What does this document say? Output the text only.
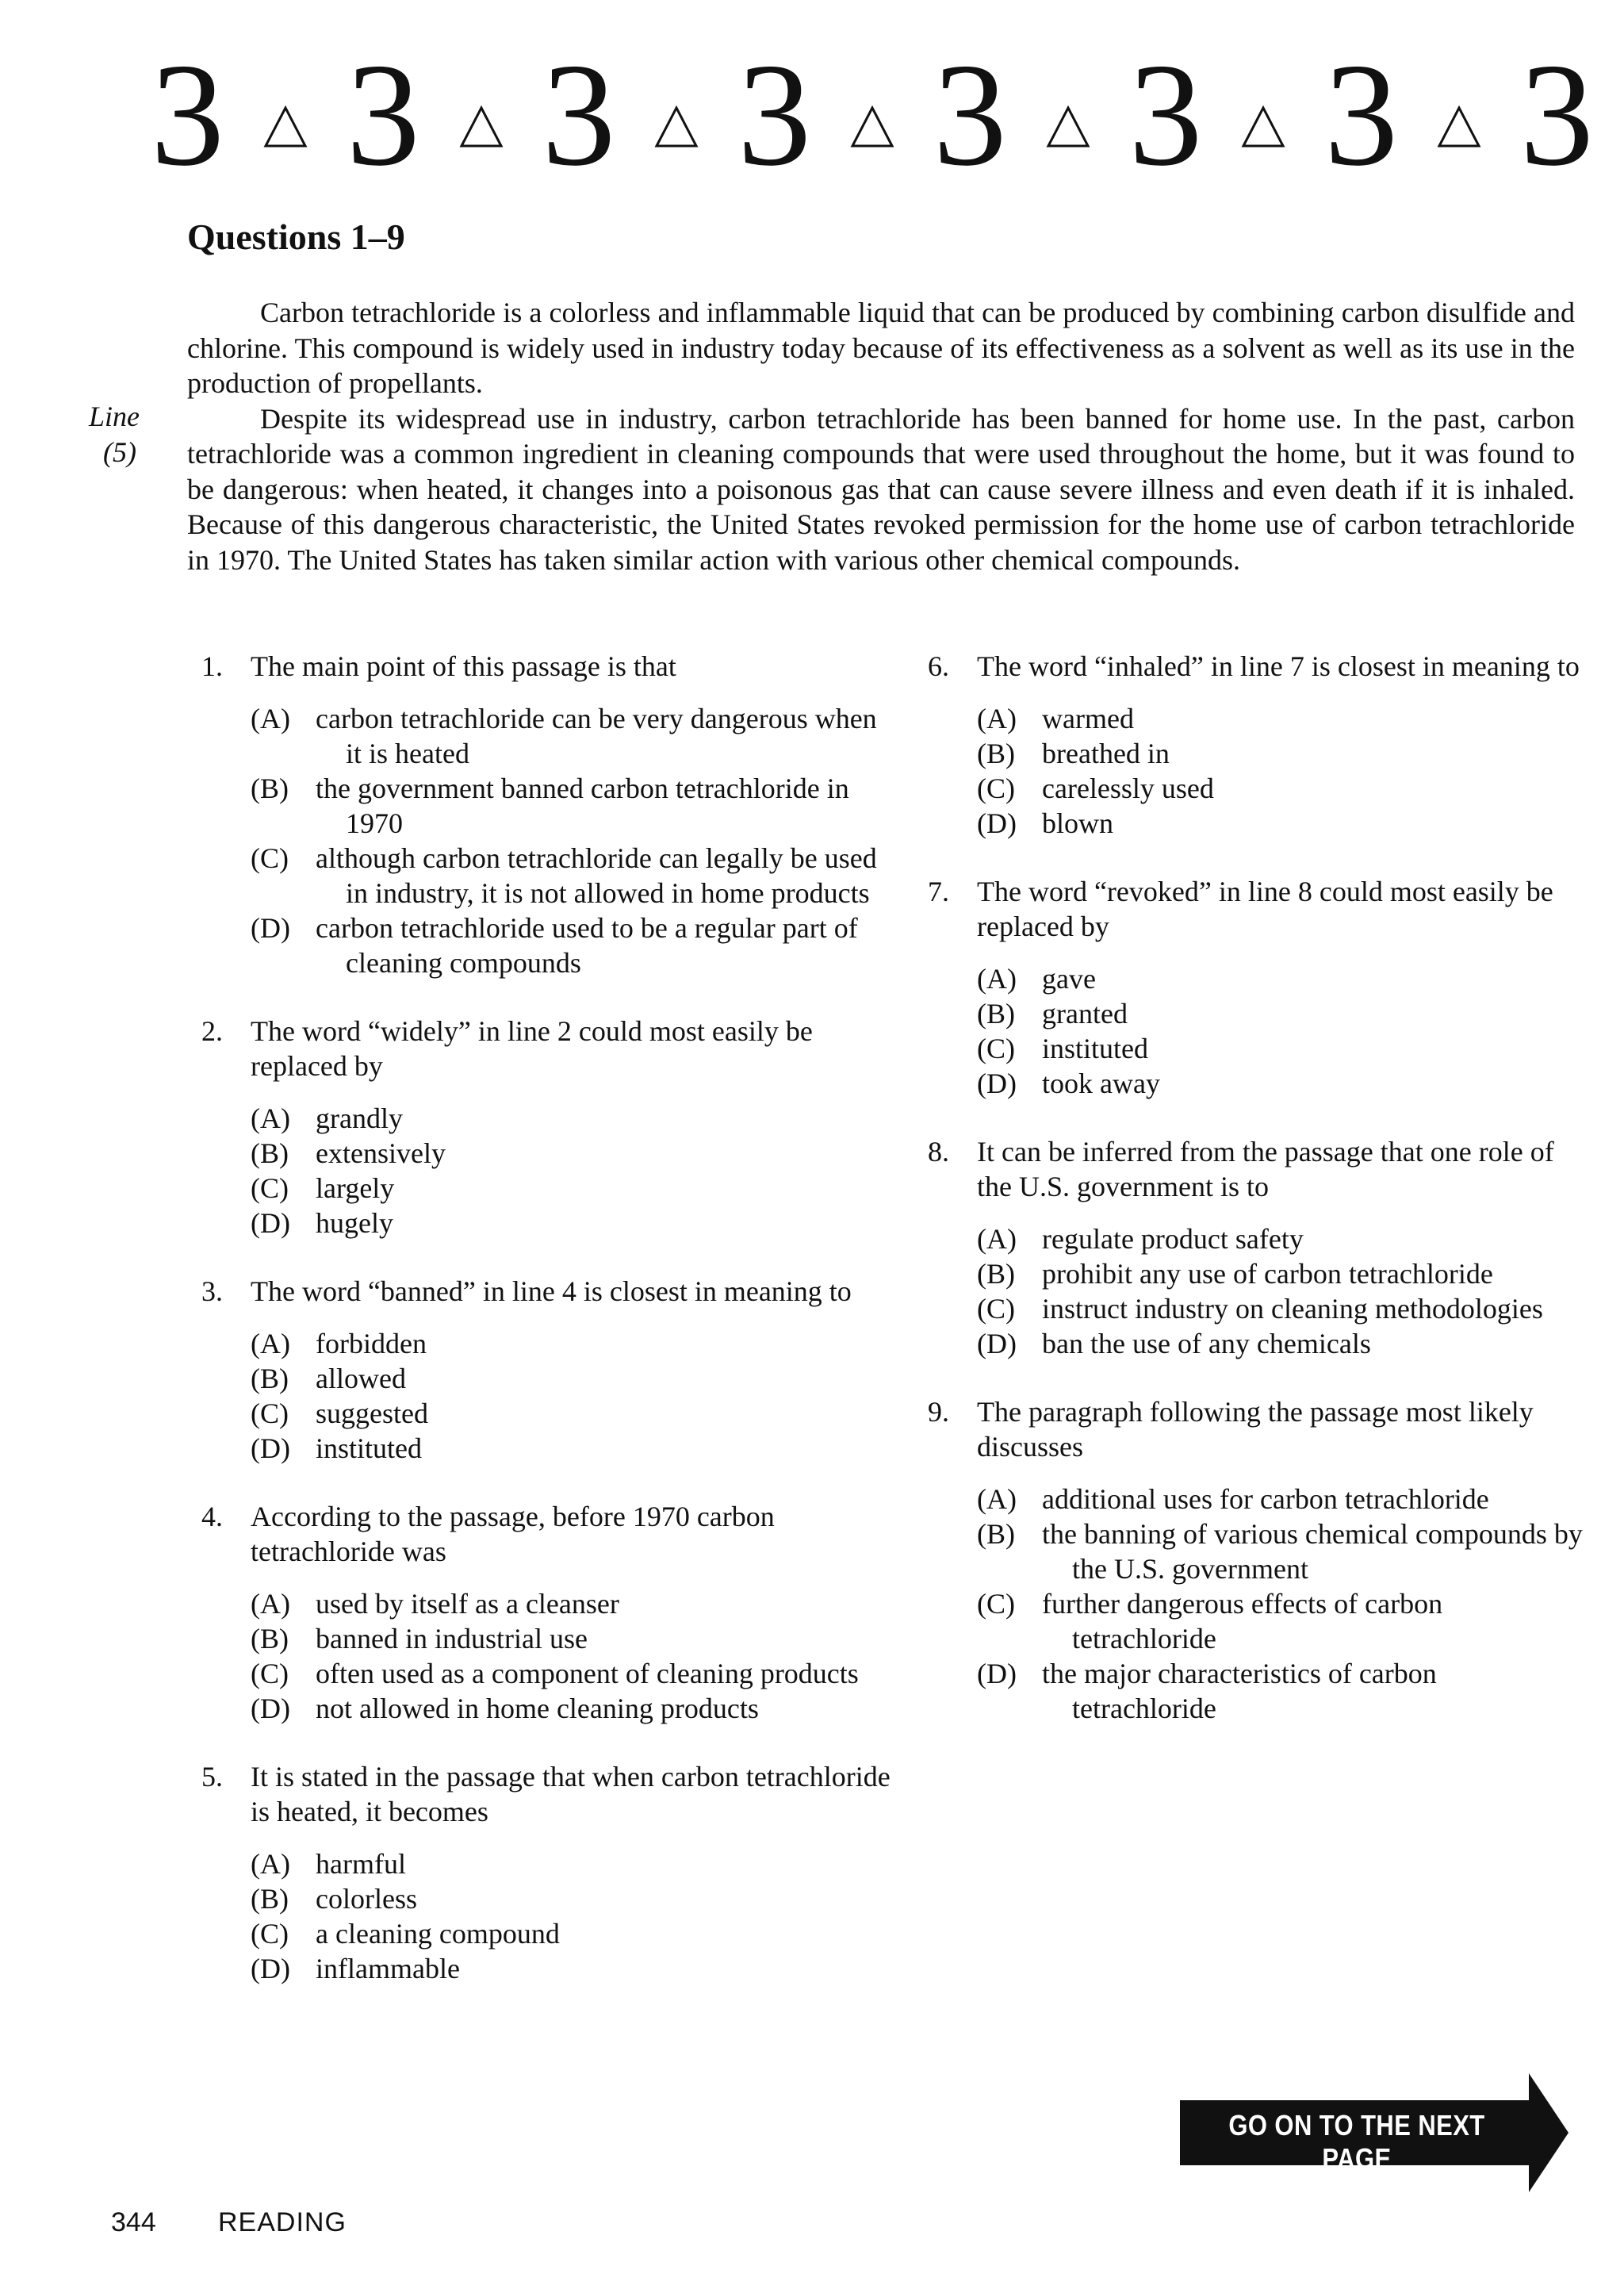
3 3 3 3 3 3 3 3
Questions 1–9
Line
(5)
Carbon tetrachloride is a colorless and inflammable liquid that can be produced by combining carbon disulfide and chlorine. This compound is widely used in industry today because of its effectiveness as a solvent as well as its use in the production of propellants.
Despite its widespread use in industry, carbon tetrachloride has been banned for home use. In the past, carbon tetrachloride was a common ingredient in cleaning compounds that were used throughout the home, but it was found to be dangerous: when heated, it changes into a poisonous gas that can cause severe illness and even death if it is inhaled. Because of this dangerous characteristic, the United States revoked permission for the home use of carbon tetrachloride in 1970. The United States has taken similar action with various other chemical compounds.
1. The main point of this passage is that
(A) carbon tetrachloride can be very dangerous when it is heated
(B) the government banned carbon tetrachloride in 1970
(C) although carbon tetrachloride can legally be used in industry, it is not allowed in home products
(D) carbon tetrachloride used to be a regular part of cleaning compounds
2. The word “widely” in line 2 could most easily be replaced by
(A) grandly
(B) extensively
(C) largely
(D) hugely
3. The word “banned” in line 4 is closest in meaning to
(A) forbidden
(B) allowed
(C) suggested
(D) instituted
4. According to the passage, before 1970 carbon tetrachloride was
(A) used by itself as a cleanser
(B) banned in industrial use
(C) often used as a component of cleaning products
(D) not allowed in home cleaning products
5. It is stated in the passage that when carbon tetrachloride is heated, it becomes
(A) harmful
(B) colorless
(C) a cleaning compound
(D) inflammable
6. The word “inhaled” in line 7 is closest in meaning to
(A) warmed
(B) breathed in
(C) carelessly used
(D) blown
7. The word “revoked” in line 8 could most easily be replaced by
(A) gave
(B) granted
(C) instituted
(D) took away
8. It can be inferred from the passage that one role of the U.S. government is to
(A) regulate product safety
(B) prohibit any use of carbon tetrachloride
(C) instruct industry on cleaning methodologies
(D) ban the use of any chemicals
9. The paragraph following the passage most likely discusses
(A) additional uses for carbon tetrachloride
(B) the banning of various chemical compounds by the U.S. government
(C) further dangerous effects of carbon tetrachloride
(D) the major characteristics of carbon tetrachloride
GO ON TO THE NEXT PAGE
344 READING
